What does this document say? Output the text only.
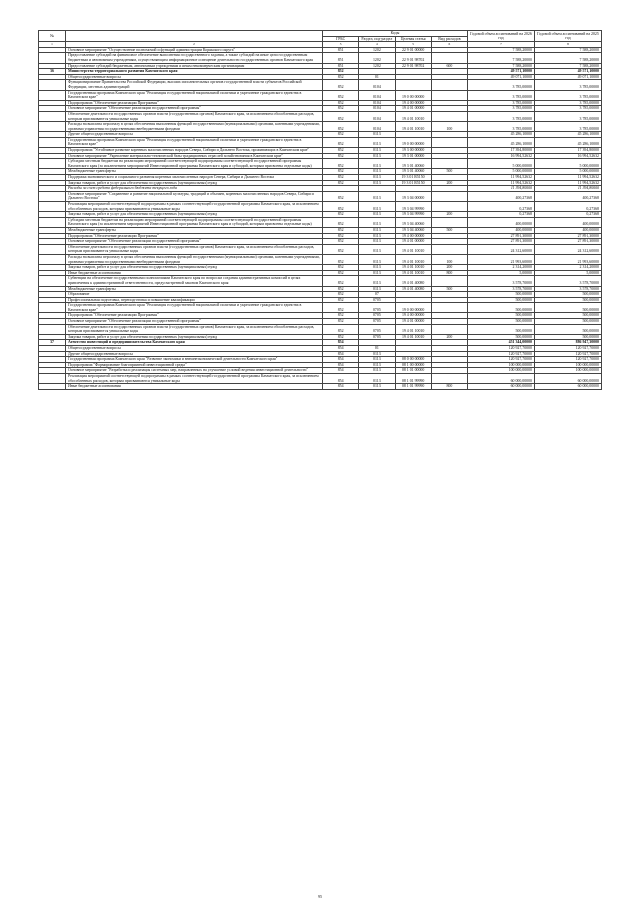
№		Коды				Годовой объем ассигнований на 2026 год	Годовой объем ассигнований на 2025 год
		ГРБС	Раздел, под-раздел	Целевая статья	Вид расходов		
1	2	3	4	5	6	7	8
	Основное мероприятие "Осуществление полномочий и функций администрации Корякского округа"	851	1202	22 9 01 00000		7 588,20000	7 588,20000
	Предоставление субсидий на финансовое обеспечение выполнения государственного задания, а также субсидий на иные цели государственным бюджетным и автономным учреждениям, осуществляющим информационное освещение деятельности государственных органов Камчатского края	851	1202	22 9 01 98702		7 588,20000	7 588,20000
	Предоставление субсидий бюджетным, автономным учреждениям и иным некоммерческим организациям	851	1202	22 9 01 98702	600	7 588,20000	7 588,20000
36	Министерство территориального развития Камчатского края	852				49 571,10000	49 571,10000
	Общегосударственные вопросы	852	01			49 071,10000	49 071,10000
	Функционирование Правительства Российской Федерации, высших исполнительных органов государственной власти субъектов Российской Федерации, местных администраций	852	0104			3 785,00000	3 785,00000
	Государственная программа Камчатского края "Реализация государственной национальной политики и укрепление гражданского единства в Камчатском крае"	852	0104	19 0 00 00000		3 785,00000	3 785,00000
	Подпрограмма "Обеспечение реализации Программы"	852	0104	19 4 00 00000		3 785,00000	3 785,00000
	Основное мероприятие "Обеспечение реализации государственной программы"	852	0104	19 4 01 00000		3 785,00000	3 785,00000
	Обеспечение деятельности государственных органов власти (государственных органов) Камчатского края, за исключением обособленных расходов, которым присваиваются уникальные коды	852	0104	19 4 01 10010		3 785,00000	3 785,00000
	Расходы на выплаты персоналу в целях обеспечения выполнения функций государственными (муниципальными) органами, казенными учреждениями, органами управления государственными внебюджетными фондами	852	0104	19 4 01 10010	100	3 785,00000	3 785,00000
	Другие общегосударственные вопросы	852	0113			45 286,10000	45 286,10000
	Государственная программа Камчатского края "Реализация государственной национальной политики и укрепление гражданского единства в Камчатском крае"	852	0113	19 0 00 00000		45 286,10000	45 286,10000
	Подпрограмма "Устойчивое развитие коренных малочисленных народов Севера, Сибири и Дальнего Востока, проживающих в Камчатском крае"	852	0113	19 3 00 00000		17 394,80000	17 394,80000
	Основное мероприятие "Укрепление материально-технической базы традиционных отраслей хозяйствования в Камчатском крае"	852	0113	19 3 01 00000		16 994,52632	16 994,52632
	Субсидии местным бюджетам на реализацию мероприятий соответствующей подпрограммы соответствующей государственной программы Камчатского края (за исключением мероприятий Инвестиционной программы Камчатского края и субсидий, которым присвоены отдельные коды)	852	0113	19 3 01 40060		5 000,00000	5 000,00000
	Межбюджетные трансферты	852	0113	19 3 01 40060	500	5 000,00000	5 000,00000
	Поддержка экономического и социального развития коренных малочисленных народов Севера, Сибири и Дальнего Востока	852	0113	19 3 01 R5150		11 994,52632	11 994,52632
	Закупка товаров, работ и услуг для обеспечения государственных (муниципальных) нужд	852	0113	19 3 01 R5150	200	11 994,52632	11 994,52632
	Расходы за счет средств федерального бюджета текущего года					11 394,80000	11 394,80000
	Основное мероприятие "Сохранение и развитие национальной культуры, традиций и обычаев, коренных малочисленных народов Севера, Сибири и Дальнего Востока"	852	0113	19 3 04 00000		400,27368	400,27368
	Реализация мероприятий соответствующей подпрограммы в рамках соответствующей государственной программы Камчатского края, за исключением обособленных расходов, которым присваиваются уникальные коды	852	0113	19 3 04 99990		0,27368	0,27368
	Закупка товаров, работ и услуг для обеспечения государственных (муниципальных) нужд	852	0113	19 3 04 99990	200	0,27368	0,27368
	Субсидии местным бюджетам на реализацию мероприятий соответствующей подпрограммы соответствующей государственной программы Камчатского края (за исключением мероприятий Инвестиционной программы Камчатского края и субсидий, которым присвоены отдельные коды)	852	0113	19 3 04 40060		400,00000	400,00000
	Межбюджетные трансферты	852	0113	19 3 04 40060	500	400,00000	400,00000
	Подпрограмма "Обеспечение реализации Программы"	852	0113	19 4 00 00000		27 891,30000	27 891,30000
	Основное мероприятие "Обеспечение реализации государственной программы"	852	0113	19 4 01 00000		27 891,30000	27 891,30000
	Обеспечение деятельности государственных органов власти (государственных органов) Камчатского края, за исключением обособленных расходов, которым присваиваются уникальные коды	852	0113	19 4 01 10010		24 312,60000	24 312,60000
	Расходы на выплаты персоналу в целях обеспечения выполнения функций государственными (муниципальными) органами, казенными учреждениями, органами управления государственными внебюджетными фондами	852	0113	19 4 01 10010	100	21 993,60000	21 993,60000
	Закупка товаров, работ и услуг для обеспечения государственных (муниципальных) нужд	852	0113	19 4 01 10010	200	2 314,20000	2 314,20000
	Иные бюджетные ассигнования	852	0113	19 4 01 10010	800	5,00000	5,00000
	Субвенции на обеспечение государственными полномочиями Камчатского края по вопросам создания административных комиссий в целях привлечения к административной ответственности, предусмотренной законом Камчатского края	852	0113	19 4 01 40080		3 578,70000	3 578,70000
	Межбюджетные трансферты	852	0113	19 4 01 40080	500	3 578,70000	3 578,70000
	Образование	852	07			500,00000	500,00000
	Профессиональная подготовка, переподготовка и повышение квалификации	852	0705			500,00000	500,00000
	Государственная программа Камчатского края "Реализация государственной национальной политики и укрепление гражданского единства в Камчатском крае"	852	0705	19 0 00 00000		500,00000	500,00000
	Подпрограмма "Обеспечение реализации Программы"	852	0705	19 4 00 00000		500,00000	500,00000
	Основное мероприятие "Обеспечение реализации государственной программы"	852	0705	19 4 01 00000		500,00000	500,00000
	Обеспечение деятельности государственных органов власти (государственных органов) Камчатского края, за исключением обособленных расходов, которым присваиваются уникальные коды	852	0705	19 4 01 10010		500,00000	500,00000
	Закупка товаров, работ и услуг для обеспечения государственных (муниципальных) нужд	852	0705	19 4 01 10010	200	500,00000	500,00000
37	Агентство инвестиций и предпринимательства Камчатского края	854				451 344,00000	886 947,30000
	Общегосударственные вопросы	854	01			120 927,70000	120 927,70000
	Другие общегосударственные вопросы	854	0113			120 927,70000	120 927,70000
	Государственная программа Камчатского края "Развитие экономики и внешнеэкономической деятельности Камчатского края"	854	0113	08 0 00 00000		120 927,70000	120 927,70000
	Подпрограмма "Формирование благоприятной инвестиционной среды"	854	0113	08 1 00 00000		100 000,00000	100 000,00000
	Основное мероприятие "Разработка и реализация системных мер, направленных на улучшение условий ведения инвестиционной деятельности"	854	0113	08 1 01 00000		100 000,00000	100 000,00000
	Реализация мероприятий соответствующей подпрограммы в рамках соответствующей государственной программы Камчатского края, за исключением обособленных расходов, которым присваиваются уникальные коды	854	0113	08 1 01 99990		60 000,00000	60 000,00000
	Иные бюджетные ассигнования	854	0113	08 1 01 99990	800	60 000,00000	60 000,00000
95
